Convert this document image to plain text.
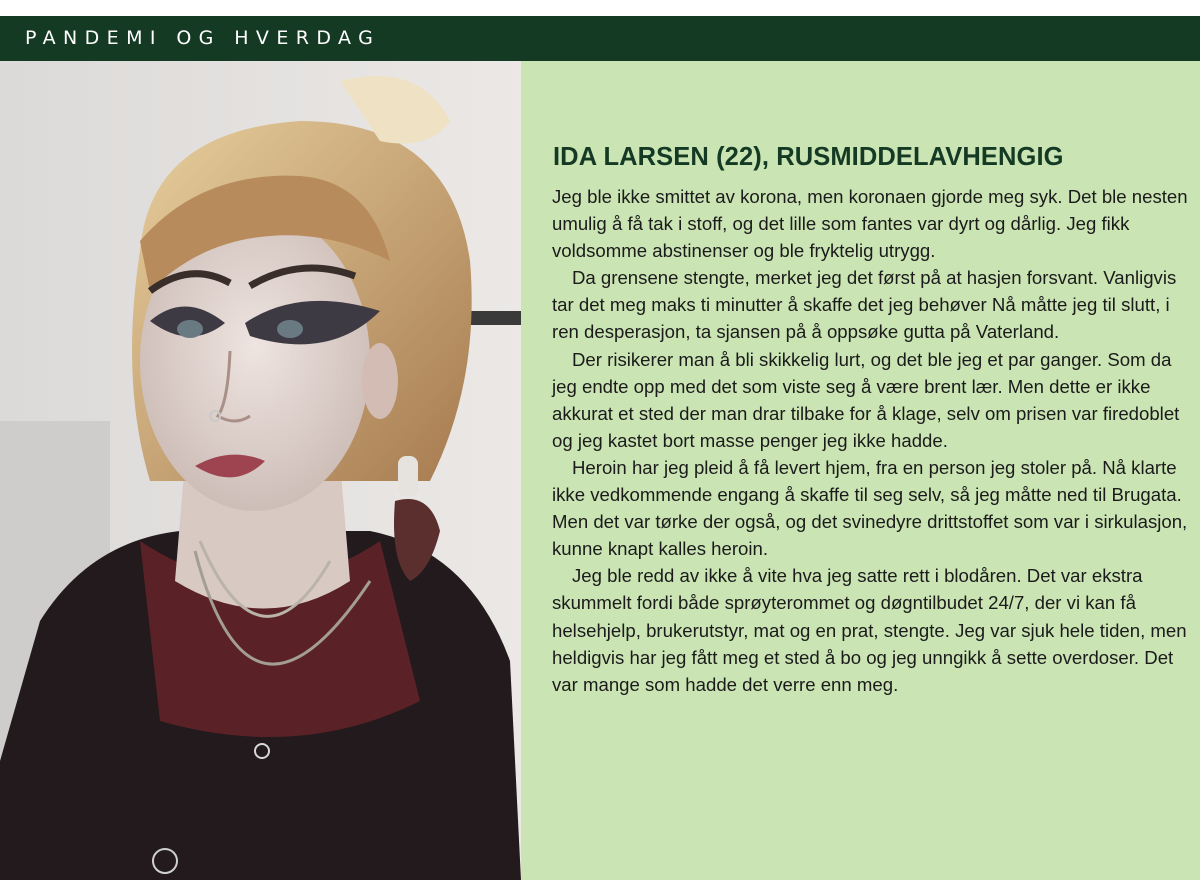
PANDEMI OG HVERDAG
IDA LARSEN (22), RUSMIDDELAVHENGIG

Jeg ble ikke smittet av korona, men koronaen gjorde meg syk. Det ble nesten umulig å få tak i stoff, og det lille som fantes var dyrt og dårlig. Jeg fikk voldsomme abstinenser og ble fryktelig utrygg.

Da grensene stengte, merket jeg det først på at hasjen forsvant. Vanligvis tar det meg maks ti minutter å skaffe det jeg behøver Nå måtte jeg til slutt, i ren desperasjon, ta sjansen på å oppsøke gutta på Vaterland.

Der risikerer man å bli skikkelig lurt, og det ble jeg et par ganger. Som da jeg endte opp med det som viste seg å være brent lær. Men dette er ikke akkurat et sted der man drar tilbake for å klage, selv om prisen var firedoblet og jeg kastet bort masse penger jeg ikke hadde.

Heroin har jeg pleid å få levert hjem, fra en person jeg stoler på. Nå klarte ikke vedkommende engang å skaffe til seg selv, så jeg måtte ned til Brugata. Men det var tørke der også, og det svinedyre drittstoffet som var i sirkulasjon, kunne knapt kalles heroin.

Jeg ble redd av ikke å vite hva jeg satte rett i blodåren. Det var ekstra skummelt fordi både sprøyterommet og døgntilbudet 24/7, der vi kan få helsehjelp, brukerutstyr, mat og en prat, stengte. Jeg var sjuk hele tiden, men heldigvis har jeg fått meg et sted å bo og jeg unngikk å sette overdoser. Det var mange som hadde det verre enn meg.
